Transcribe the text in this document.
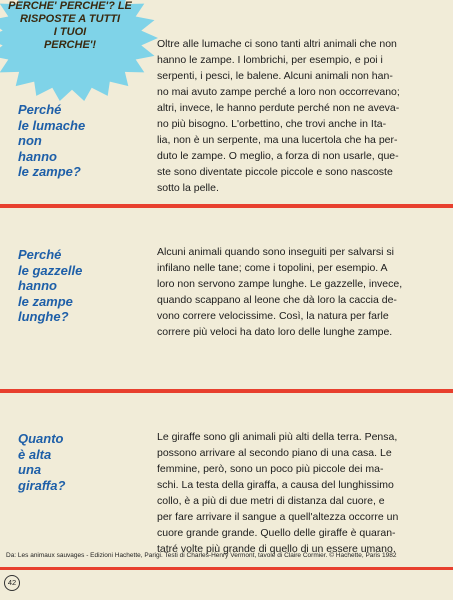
PERCHE' PERCHE'? LE
RISPOSTE A TUTTI
I TUOI
PERCHE'!
Perché
le lumache
non
hanno
le zampe?
Oltre alle lumache ci sono tanti altri animali che non
hanno le zampe. I lombrichi, per esempio, e poi i
serpenti, i pesci, le balene. Alcuni animali non han-
no mai avuto zampe perché a loro non occorrevano;
altri, invece, le hanno perdute perché non ne aveva-
no più bisogno. L'orbettino, che trovi anche in Ita-
lia, non è un serpente, ma una lucertola che ha per-
duto le zampe. O meglio, a forza di non usarle, que-
ste sono diventate piccole piccole e sono nascoste
sotto la pelle.
Perché
le gazzelle
hanno
le zampe
lunghe?
Alcuni animali quando sono inseguiti per salvarsi si
infilano nelle tane; come i topolini, per esempio. A
loro non servono zampe lunghe. Le gazzelle, invece,
quando scappano al leone che dà loro la caccia de-
vono correre velocissime. Così, la natura per farle
correre più veloci ha dato loro delle lunghe zampe.
Quanto
è alta
una
giraffa?
Le giraffe sono gli animali più alti della terra. Pensa,
possono arrivare al secondo piano di una casa. Le
femmine, però, sono un poco più piccole dei ma-
schi. La testa della giraffa, a causa del lunghissimo
collo, è a più di due metri di distanza dal cuore, e
per fare arrivare il sangue a quell'altezza occorre un
cuore grande grande. Quello delle giraffe è quaran-
tatré volte più grande di quello di un essere umano.
Da: Les animaux sauvages - Edizioni Hachette, Parigi. Testi di Charles-Henry Vermont, tavole di Claire Cormier. © Hachette, Paris 1982
42
